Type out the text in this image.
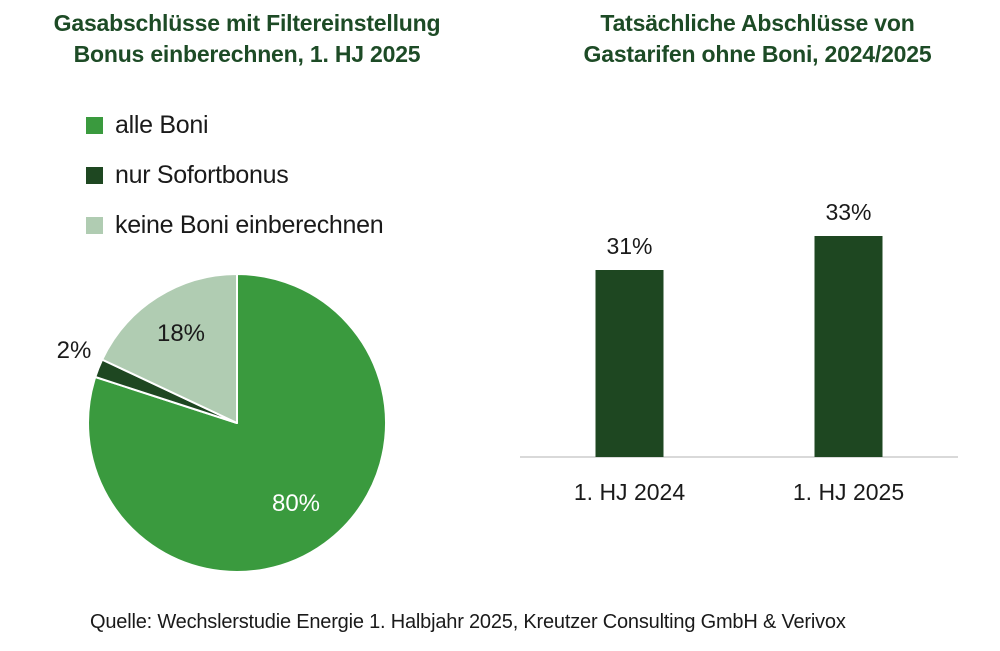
Gasabschlüsse mit Filtereinstellung
Bonus einberechnen, 1. HJ 2025
Tatsächliche Abschlüsse von
Gastarifen ohne Boni, 2024/2025
alle Boni
nur Sofortbonus
keine Boni einberechnen
80%
2%
18%
31%
1. HJ 2024
33%
1. HJ 2025
Quelle: Wechslerstudie Energie 1. Halbjahr 2025, Kreutzer Consulting GmbH & Verivox
